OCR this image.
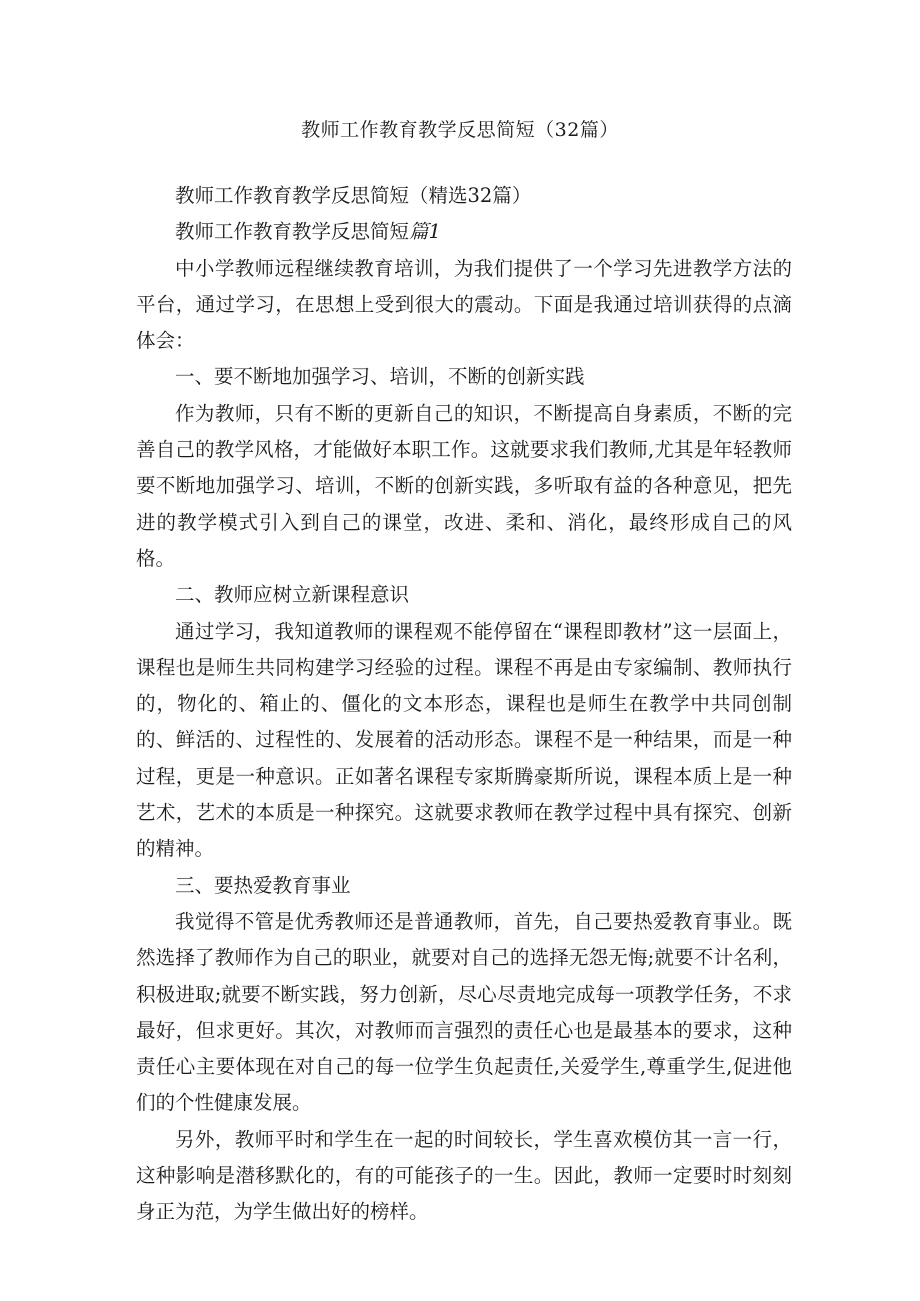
教师工作教育教学反思简短（32篇）

教师工作教育教学反思简短（精选32篇）

教师工作教育教学反思简短篇1

中小学教师远程继续教育培训，为我们提供了一个学习先进教学方法的平台，通过学习，在思想上受到很大的震动。下面是我通过培训获得的点滴体会：

一、要不断地加强学习、培训，不断的创新实践

作为教师，只有不断的更新自己的知识，不断提高自身素质，不断的完善自己的教学风格，才能做好本职工作。这就要求我们教师,尤其是年轻教师要不断地加强学习、培训，不断的创新实践，多听取有益的各种意见，把先进的教学模式引入到自己的课堂，改进、柔和、消化，最终形成自己的风格。

二、教师应树立新课程意识

通过学习，我知道教师的课程观不能停留在“课程即教材”这一层面上，课程也是师生共同构建学习经验的过程。课程不再是由专家编制、教师执行的，物化的、箱止的、僵化的文本形态，课程也是师生在教学中共同创制的、鲜活的、过程性的、发展着的活动形态。课程不是一种结果，而是一种过程，更是一种意识。正如著名课程专家斯腾豪斯所说，课程本质上是一种艺术，艺术的本质是一种探究。这就要求教师在教学过程中具有探究、创新的精神。

三、要热爱教育事业

我觉得不管是优秀教师还是普通教师，首先，自己要热爱教育事业。既然选择了教师作为自己的职业，就要对自己的选择无怨无悔;就要不计名利，积极进取;就要不断实践，努力创新，尽心尽责地完成每一项教学任务，不求最好，但求更好。其次，对教师而言强烈的责任心也是最基本的要求，这种责任心主要体现在对自己的每一位学生负起责任,关爱学生,尊重学生,促进他们的个性健康发展。

另外，教师平时和学生在一起的时间较长，学生喜欢模仿其一言一行，这种影响是潜移默化的，有的可能孩子的一生。因此，教师一定要时时刻刻身正为范，为学生做出好的榜样。
